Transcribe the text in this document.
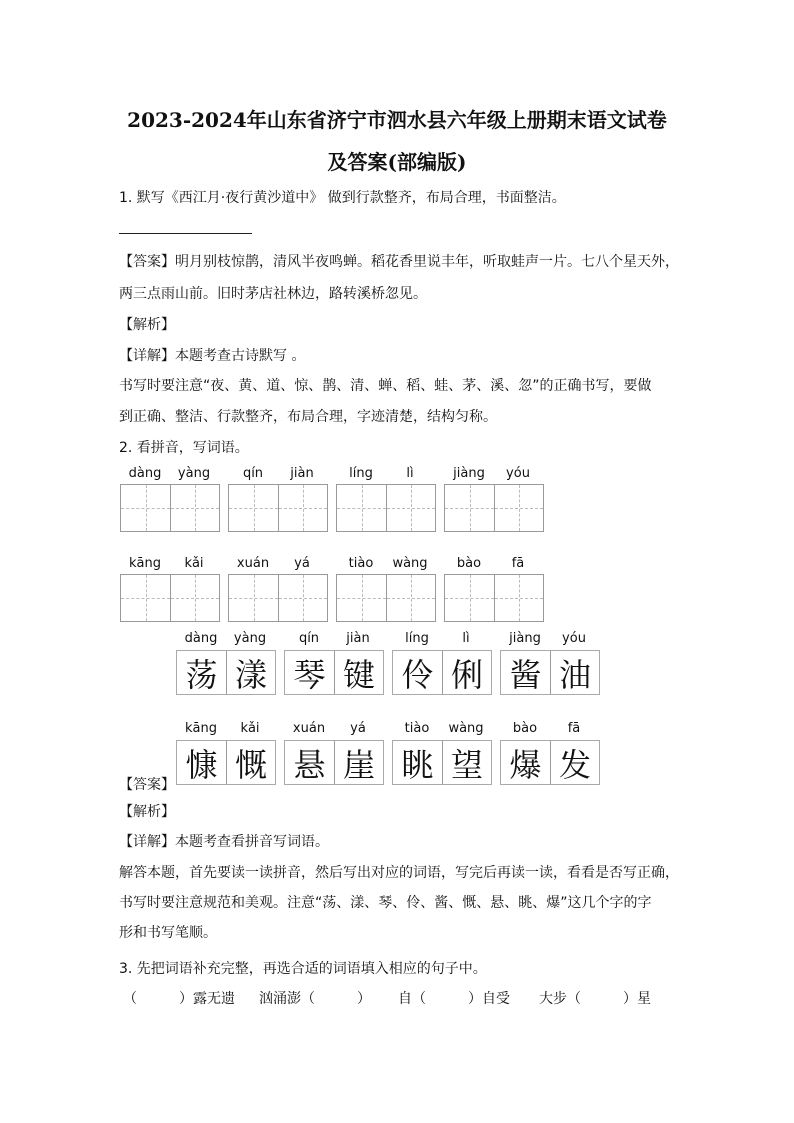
2023-2024年山东省济宁市泗水县六年级上册期末语文试卷
及答案(部编版)
1. 默写《西江月·夜行黄沙道中》 做到行款整齐，布局合理，书面整洁。
【答案】明月别枝惊鹊，清风半夜鸣蝉。稻花香里说丰年，听取蛙声一片。七八个星天外，
两三点雨山前。旧时茅店社林边，路转溪桥忽见。
【解析】
【详解】本题考查古诗默写 。
书写时要注意“夜、黄、道、惊、鹊、清、蝉、稻、蛙、茅、溪、忽”的正确书写，要做
到正确、整洁、行款整齐，布局合理，字迹清楚，结构匀称。
2. 看拼音，写词语。
dàng	yàng	qín	jiàn	líng	lì	jiàng	yóu
kāng	kǎi	xuán	yá	tiào	wàng	bào	fā
dàng	yàng	qín	jiàn	líng	lì	jiàng	yóu
荡 漾 琴 键 伶 俐 酱 油
kāng	kǎi	xuán	yá	tiào	wàng	bào	fā
慷 慨 悬 崖 眺 望 爆 发
【答案】
【解析】
【详解】本题考查看拼音写词语。
解答本题，首先要读一读拼音，然后写出对应的词语，写完后再读一读，看看是否写正确，
书写时要注意规范和美观。注意“荡、漾、琴、伶、酱、慨、悬、眺、爆”这几个字的字
形和书写笔顺。
3. 先把词语补充完整，再选合适的词语填入相应的句子中。
（　　　）露无遗 汹涌澎（　　　） 自（　　　）自受 大步（　　　）星
